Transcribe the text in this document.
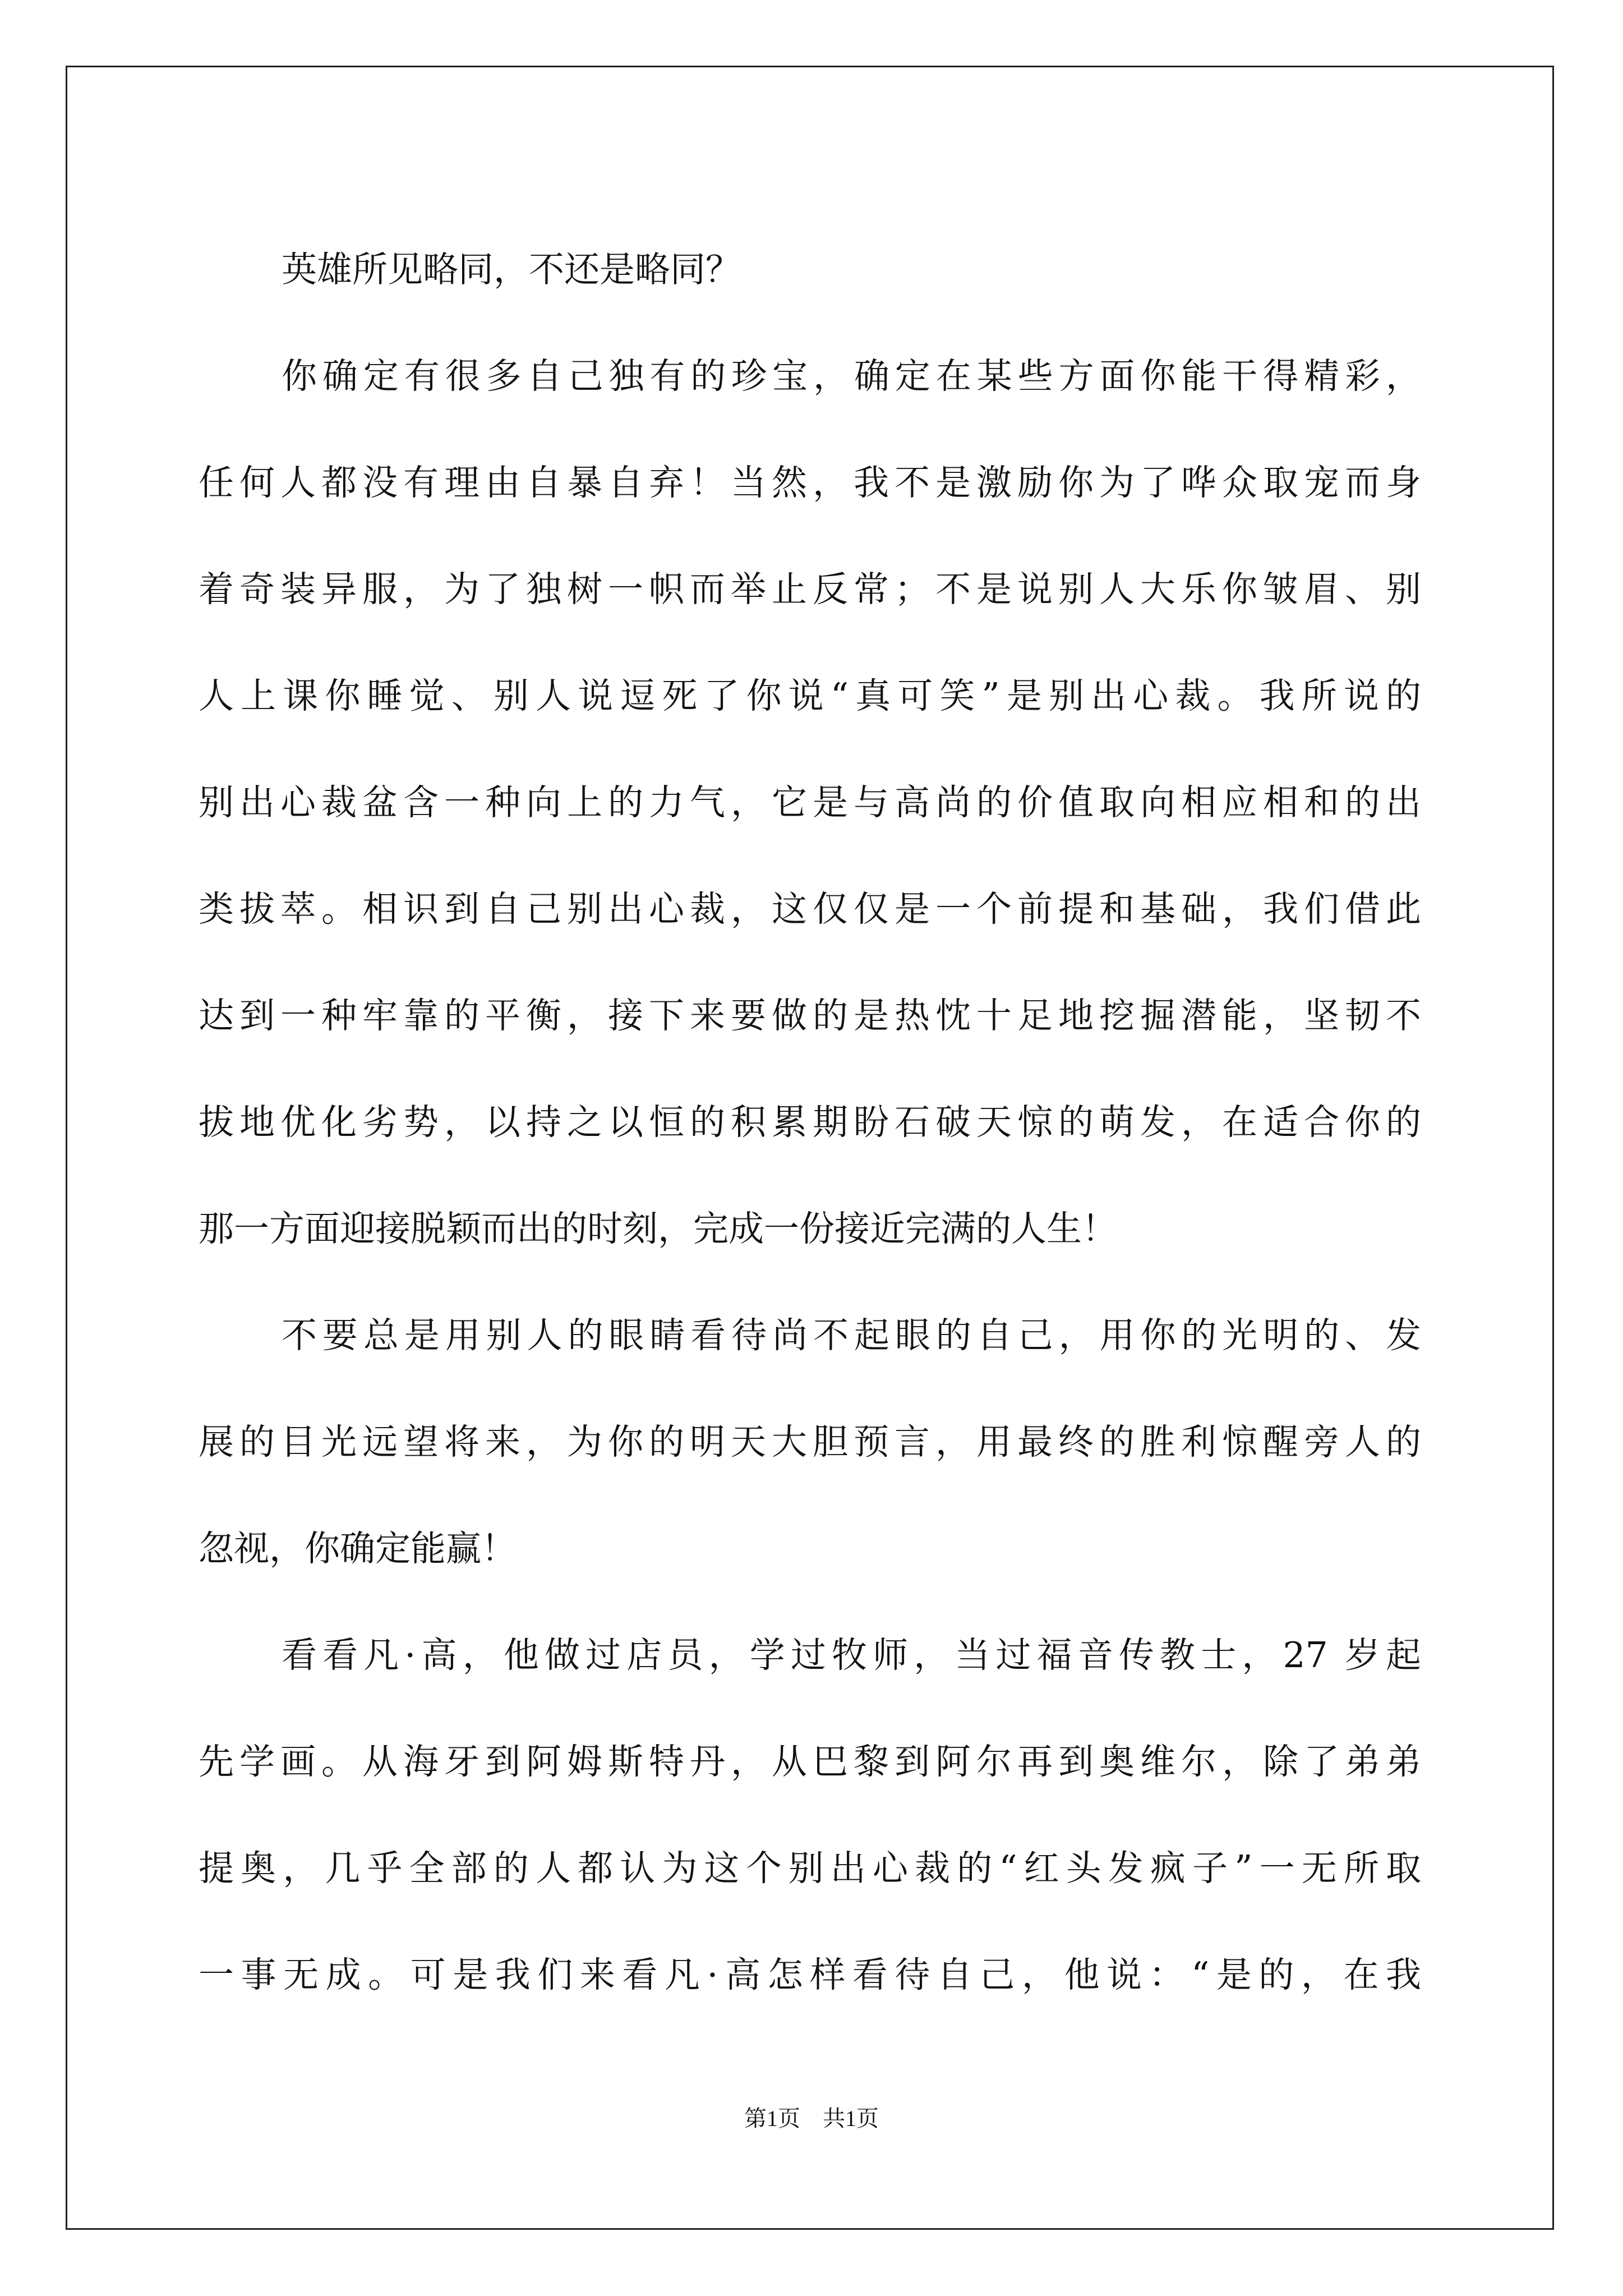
英雄所见略同，不还是略同？
你确定有很多自己独有的珍宝，确定在某些方面你能干得精彩，
任何人都没有理由自暴自弃！当然，我不是激励你为了哗众取宠而身
着奇装异服，为了独树一帜而举止反常；不是说别人大乐你皱眉、别
人上课你睡觉、别人说逗死了你说“真可笑”是别出心裁。我所说的
别出心裁盆含一种向上的力气，它是与高尚的价值取向相应相和的出
类拔萃。相识到自己别出心裁，这仅仅是一个前提和基础，我们借此
达到一种牢靠的平衡，接下来要做的是热忱十足地挖掘潜能，坚韧不
拔地优化劣势，以持之以恒的积累期盼石破天惊的萌发，在适合你的
那一方面迎接脱颖而出的时刻，完成一份接近完满的人生！
不要总是用别人的眼睛看待尚不起眼的自己，用你的光明的、发
展的目光远望将来，为你的明天大胆预言，用最终的胜利惊醒旁人的
忽视，你确定能赢！
看看凡·高，他做过店员，学过牧师，当过福音传教士，27 岁起
先学画。从海牙到阿姆斯特丹，从巴黎到阿尔再到奥维尔，除了弟弟
提奥，几乎全部的人都认为这个别出心裁的“红头发疯子”一无所取
一事无成。可是我们来看凡·高怎样看待自己，他说：“是的，在我
第1页 共1页
